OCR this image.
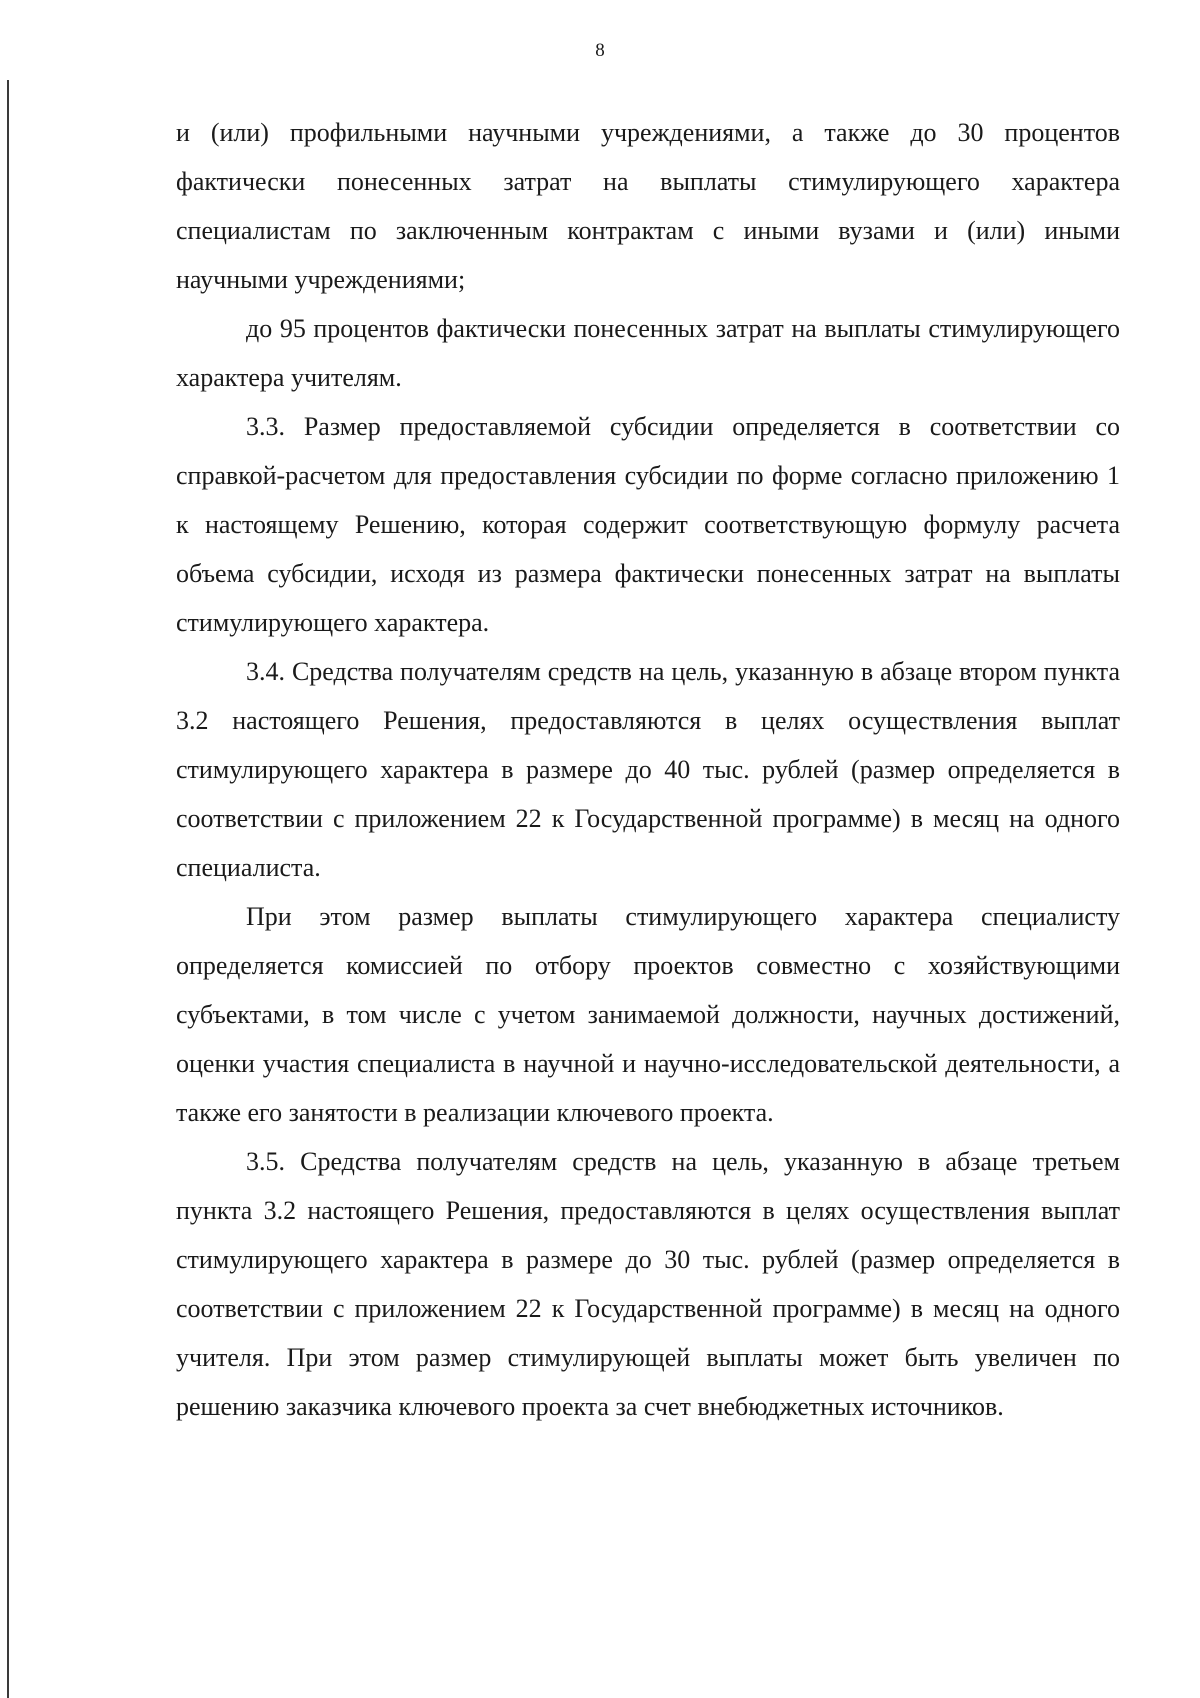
8

и (или) профильными научными учреждениями, а также до 30 процентов фактически понесенных затрат на выплаты стимулирующего характера специалистам по заключенным контрактам с иными вузами и (или) иными научными учреждениями;

до 95 процентов фактически понесенных затрат на выплаты стимулирующего характера учителям.

3.3. Размер предоставляемой субсидии определяется в соответствии со справкой-расчетом для предоставления субсидии по форме согласно приложению 1 к настоящему Решению, которая содержит соответствующую формулу расчета объема субсидии, исходя из размера фактически понесенных затрат на выплаты стимулирующего характера.

3.4. Средства получателям средств на цель, указанную в абзаце втором пункта 3.2 настоящего Решения, предоставляются в целях осуществления выплат стимулирующего характера в размере до 40 тыс. рублей (размер определяется в соответствии с приложением 22 к Государственной программе) в месяц на одного специалиста.

При этом размер выплаты стимулирующего характера специалисту определяется комиссией по отбору проектов совместно с хозяйствующими субъектами, в том числе с учетом занимаемой должности, научных достижений, оценки участия специалиста в научной и научно-исследовательской деятельности, а также его занятости в реализации ключевого проекта.

3.5. Средства получателям средств на цель, указанную в абзаце третьем пункта 3.2 настоящего Решения, предоставляются в целях осуществления выплат стимулирующего характера в размере до 30 тыс. рублей (размер определяется в соответствии с приложением 22 к Государственной программе) в месяц на одного учителя. При этом размер стимулирующей выплаты может быть увеличен по решению заказчика ключевого проекта за счет внебюджетных источников.
